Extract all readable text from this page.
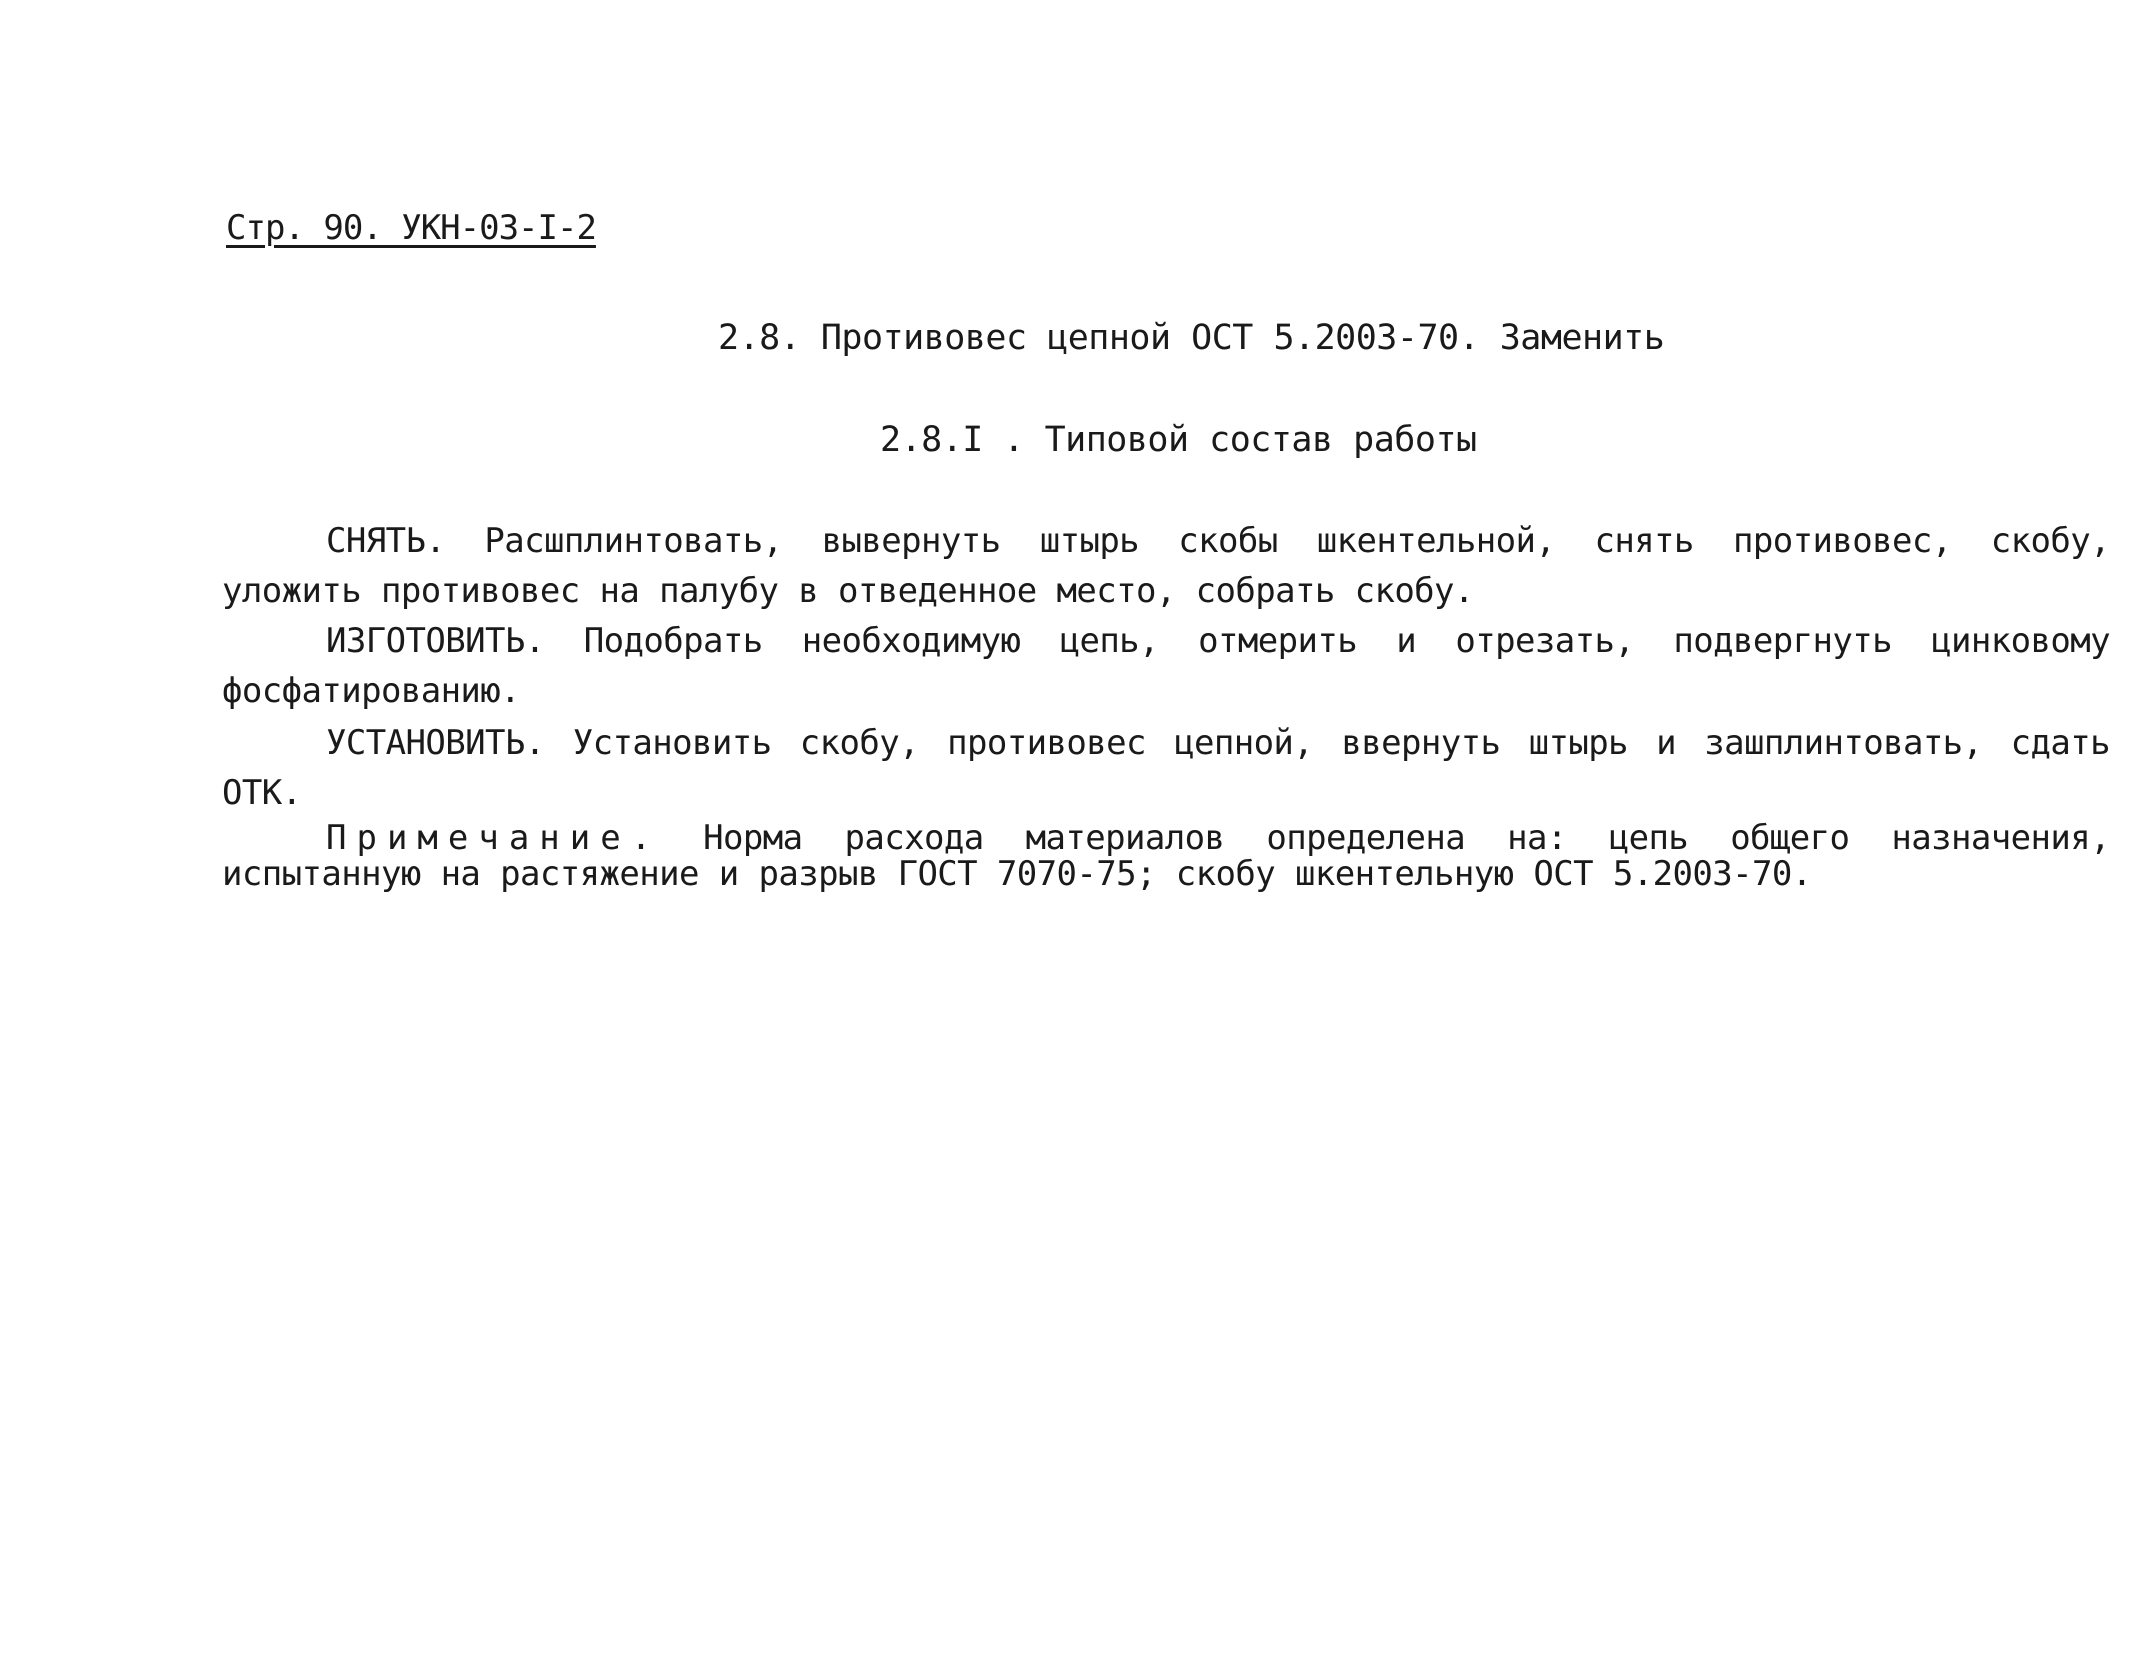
Стр. 90. УКН-03-I-2
2.8. Противовес цепной ОСТ 5.2003-70. Заменить
2.8.I . Типовой состав работы

СНЯТЬ. Расшплинтовать, вывернуть штырь скобы шкентельной, снять противовес, скобу, уложить противовес на палубу в отведенное место, собрать скобу.

ИЗГОТОВИТЬ. Подобрать необходимую цепь, отмерить и отрезать, подвергнуть цинковому фосфатированию.

УСТАНОВИТЬ. Установить скобу, противовес цепной, ввернуть штырь и зашплинтовать, сдать ОТК.

Примечание. Норма расхода материалов определена на: цепь общего назначения, испытанную на растяжение и разрыв ГОСТ 7070-75; скобу шкентельную ОСТ 5.2003-70.
